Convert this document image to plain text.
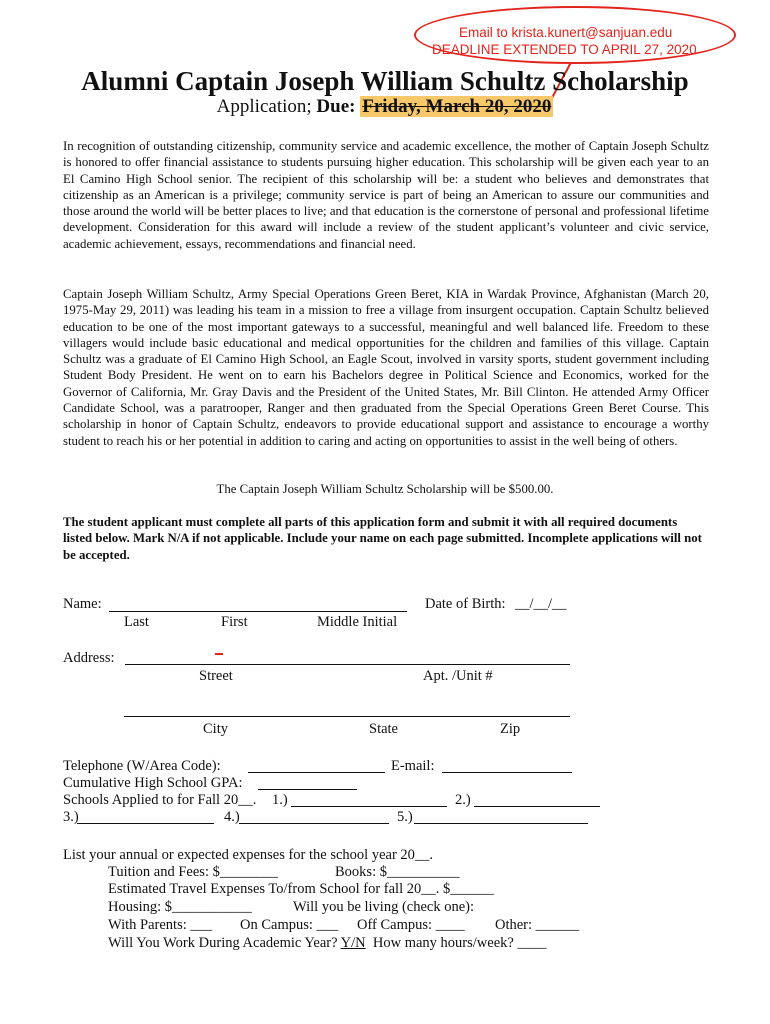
Email to krista.kunert@sanjuan.edu
DEADLINE EXTENDED TO APRIL 27, 2020
Alumni Captain Joseph William Schultz Scholarship
Application; Due: Friday, March 20, 2020

In recognition of outstanding citizenship, community service and academic excellence, the mother of Captain Joseph Schultz is honored to offer financial assistance to students pursuing higher education. This scholarship will be given each year to an El Camino High School senior. The recipient of this scholarship will be: a student who believes and demonstrates that citizenship as an American is a privilege; community service is part of being an American to assure our communities and those around the world will be better places to live; and that education is the cornerstone of personal and professional lifetime development. Consideration for this award will include a review of the student applicant’s volunteer and civic service, academic achievement, essays, recommendations and financial need.

Captain Joseph William Schultz, Army Special Operations Green Beret, KIA in Wardak Province, Afghanistan (March 20, 1975-May 29, 2011) was leading his team in a mission to free a village from insurgent occupation. Captain Schultz believed education to be one of the most important gateways to a successful, meaningful and well balanced life. Freedom to these villagers would include basic educational and medical opportunities for the children and families of this village. Captain Schultz was a graduate of El Camino High School, an Eagle Scout, involved in varsity sports, student government including Student Body President. He went on to earn his Bachelors degree in Political Science and Economics, worked for the Governor of California, Mr. Gray Davis and the President of the United States, Mr. Bill Clinton. He attended Army Officer Candidate School, was a paratrooper, Ranger and then graduated from the Special Operations Green Beret Course. This scholarship in honor of Captain Schultz, endeavors to provide educational support and assistance to encourage a worthy student to reach his or her potential in addition to caring and acting on opportunities to assist in the well being of others.

The Captain Joseph William Schultz Scholarship will be $500.00.
The student applicant must complete all parts of this application form and submit it with all required documents listed below. Mark N/A if not applicable. Include your name on each page submitted. Incomplete applications will not be accepted.
Name:	Date of Birth: __/__/__
Last	First	Middle Initial
Address:
Street	Apt. /Unit #
City	State	Zip
Telephone (W/Area Code):	E-mail:
Cumulative High School GPA:
Schools Applied to for Fall 20__. 1.)	2.)
3.)	4.)	5.)
List your annual or expected expenses for the school year 20__.
Tuition and Fees: $________	Books: $__________
Estimated Travel Expenses To/from School for fall 20__. $______
Housing: $___________	Will you be living (check one):
With Parents: ___ On Campus: ___ Off Campus: ____ Other: ______
Will You Work During Academic Year? Y/N How many hours/week? ____
